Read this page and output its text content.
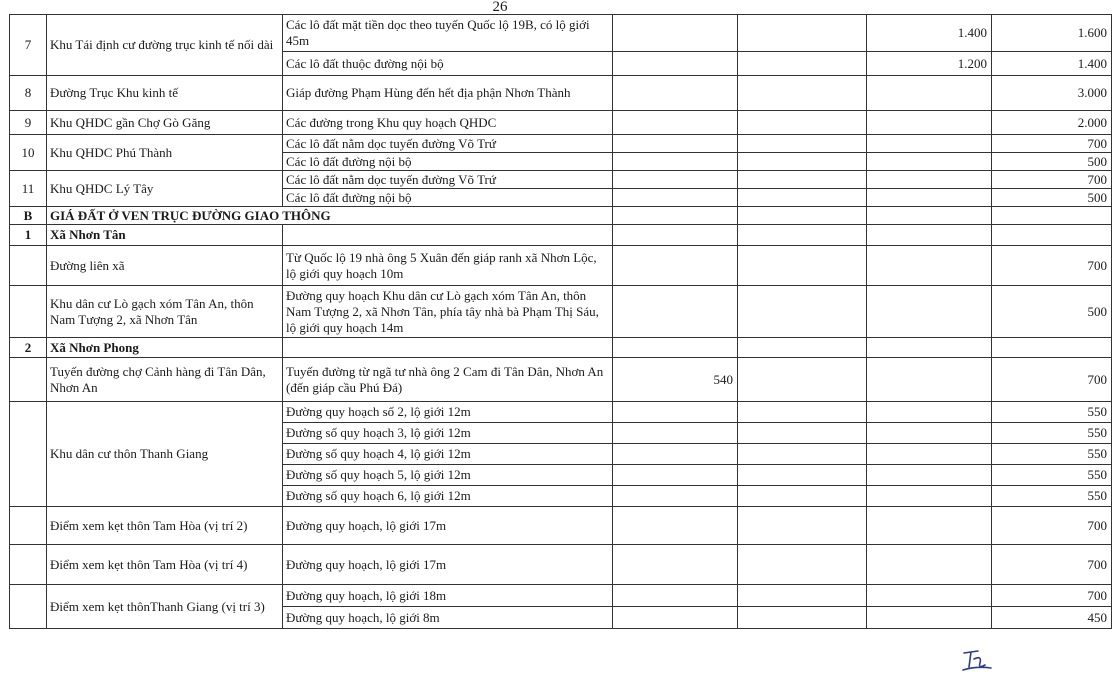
26
7	Khu Tái định cư đường trục kinh tế nối dài	Các lô đất mặt tiền dọc theo tuyến Quốc lộ 19B, có lộ giới 45m			1.400	1.600
		Các lô đất thuộc đường nội bộ			1.200	1.400
8	Đường Trục Khu kinh tế	Giáp đường Phạm Hùng đến hết địa phận Nhơn Thành				3.000
9	Khu QHDC gần Chợ Gò Găng	Các đường trong Khu quy hoạch QHDC				2.000
10	Khu QHDC Phú Thành	Các lô đất nằm dọc tuyến đường Võ Trứ				700
		Các lô đất đường nội bộ				500
11	Khu QHDC Lý Tây	Các lô đất nằm dọc tuyến đường Võ Trứ				700
		Các lô đất đường nội bộ				500
B	GIÁ ĐẤT Ở VEN TRỤC ĐƯỜNG GIAO THÔNG					
1	Xã Nhơn Tân					
	Đường liên xã	Từ Quốc lộ 19 nhà ông 5 Xuân đến giáp ranh xã Nhơn Lộc, lộ giới quy hoạch 10m				700
	Khu dân cư Lò gạch xóm Tân An, thôn Nam Tượng 2, xã Nhơn Tân	Đường quy hoạch Khu dân cư Lò gạch xóm Tân An, thôn Nam Tượng 2, xã Nhơn Tân, phía tây nhà bà Phạm Thị Sáu, lộ giới quy hoạch 14m				500
2	Xã Nhơn Phong					
	Tuyến đường chợ Cảnh hàng đi Tân Dân, Nhơn An	Tuyến đường từ ngã tư nhà ông 2 Cam đi Tân Dân, Nhơn An (đến giáp cầu Phú Đá)	540			700
	Khu dân cư thôn Thanh Giang	Đường quy hoạch số 2, lộ giới 12m				550
		Đường số quy hoạch 3, lộ giới 12m				550
		Đường số quy hoạch 4, lộ giới 12m				550
		Đường số quy hoạch 5, lộ giới 12m				550
		Đường số quy hoạch 6, lộ giới 12m				550
	Điểm xem kẹt thôn Tam Hòa (vị trí 2)	Đường quy hoạch, lộ giới 17m				700
	Điểm xem kẹt thôn Tam Hòa (vị trí 4)	Đường quy hoạch, lộ giới 17m				700
	Điểm xem kẹt thônThanh Giang (vị trí 3)	Đường quy hoạch, lộ giới 18m				700
		Đường quy hoạch, lộ giới 8m				450
